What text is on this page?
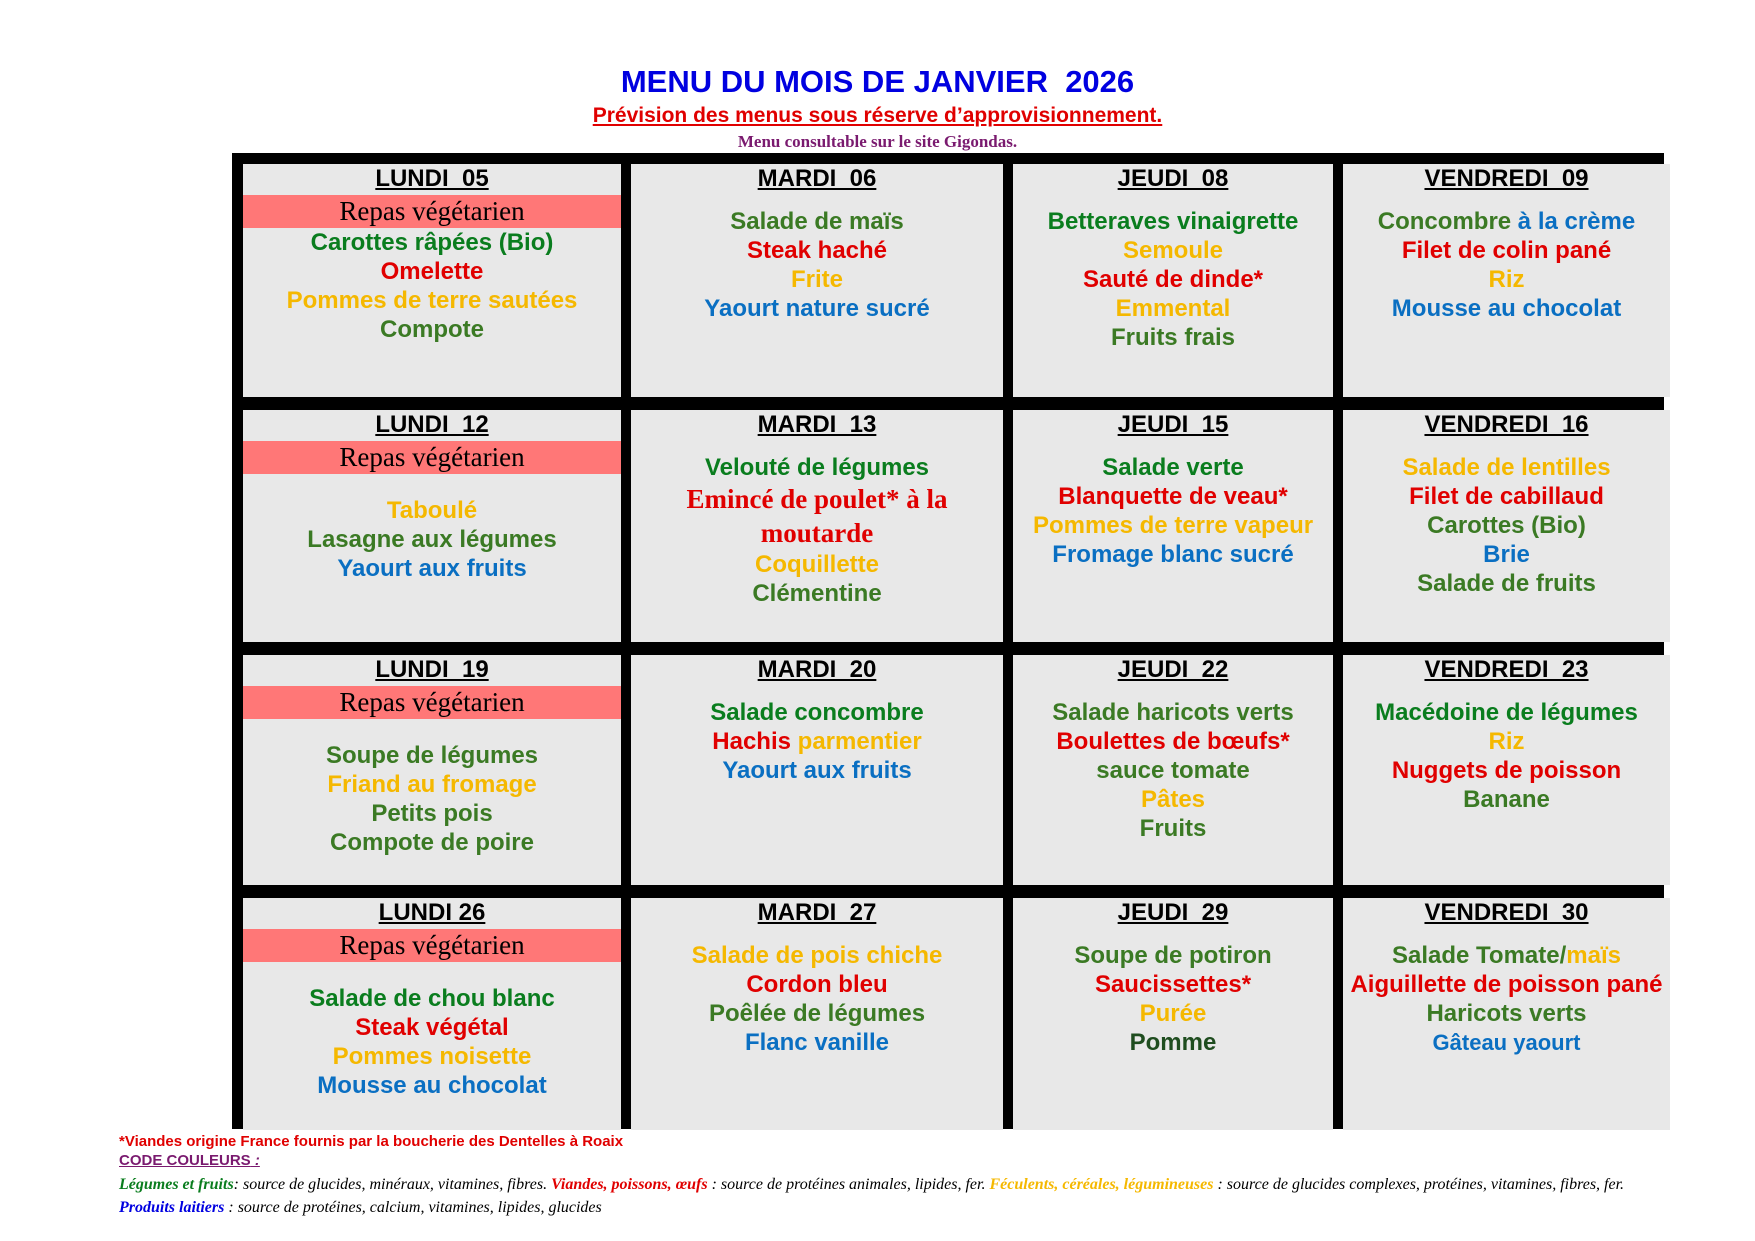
MENU DU MOIS DE JANVIER  2026
Prévision des menus sous réserve d’approvisionnement.
Menu consultable sur le site Gigondas.
LUNDI  05
Repas végétarien
Carottes râpées (Bio)
Omelette
Pommes de terre sautées
Compote
MARDI  06
Salade de maïs
Steak haché
Frite
Yaourt nature sucré
JEUDI  08
Betteraves vinaigrette
Semoule
Sauté de dinde*
Emmental
Fruits frais
VENDREDI  09
Concombre à la crème
Filet de colin pané
Riz
Mousse au chocolat
LUNDI  12
Repas végétarien
Taboulé
Lasagne aux légumes
Yaourt aux fruits
MARDI  13
Velouté de légumes
Emincé de poulet* à la moutarde
Coquillette
Clémentine
JEUDI  15
Salade verte
Blanquette de veau*
Pommes de terre vapeur
Fromage blanc sucré
VENDREDI  16
Salade de lentilles
Filet de cabillaud
Carottes (Bio)
Brie
Salade de fruits
LUNDI  19
Repas végétarien
Soupe de légumes
Friand au fromage
Petits pois
Compote de poire
MARDI  20
Salade concombre
Hachis parmentier
Yaourt aux fruits
JEUDI  22
Salade haricots verts
Boulettes de bœufs*
sauce tomate
Pâtes
Fruits
VENDREDI  23
Macédoine de légumes
Riz
Nuggets de poisson
Banane
LUNDI 26
Repas végétarien
Salade de chou blanc
Steak végétal
Pommes noisette
Mousse au chocolat
MARDI  27
Salade de pois chiche
Cordon bleu
Poêlée de légumes
Flanc vanille
JEUDI  29
Soupe de potiron
Saucissettes*
Purée
Pomme
VENDREDI  30
Salade Tomate/maïs
Aiguillette de poisson pané
Haricots verts
Gâteau yaourt
*Viandes origine France fournis par la boucherie des Dentelles à Roaix
CODE COULEURS :
Légumes et fruits: source de glucides, minéraux, vitamines, fibres. Viandes, poissons, œufs : source de protéines animales, lipides, fer. Féculents, céréales, légumineuses : source de glucides complexes, protéines, vitamines, fibres, fer. Produits laitiers : source de protéines, calcium, vitamines, lipides, glucides
